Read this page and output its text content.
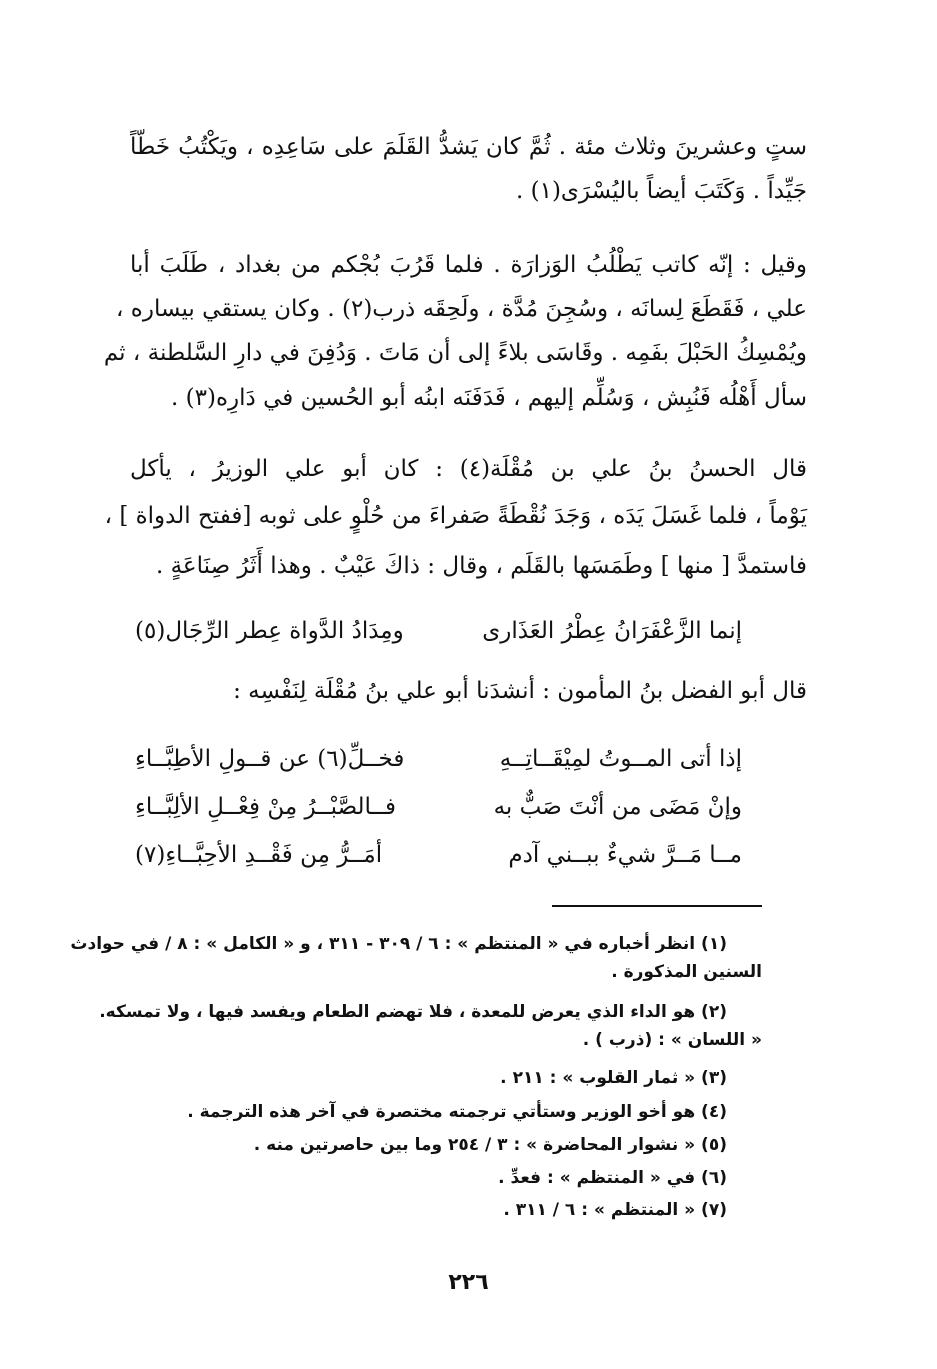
ستٍ وعشرينَ وثلاث مئة . ثُمَّ كان يَشدُّ القَلَمَ على سَاعِدِه ، ويَكْتُبُ خَطّاً
جَيِّداً . وَكَتَبَ أيضاً باليُسْرَى(١) .
وقيل : إنّه كاتب يَطْلُبُ الوَزارَة . فلما قَرُبَ بُجْكم من بغداد ، طَلَبَ أبا
علي ، فَقَطَعَ لِسانَه ، وسُجِنَ مُدَّة ، ولَحِقَه ذرب(٢) . وكان يستقي بيساره ،
ويُمْسِكُ الحَبْلَ بفَمِه . وقَاسَى بلاءً إلى أن مَاتَ . وَدُفِنَ في دارِ السَّلطنة ، ثم
سأل أَهْلُه فَنُبِش ، وَسُلِّم إليهم ، فَدَفَنَه ابنُه أبو الحُسين في دَارِه(٣) .
قال الحسنُ بنُ علي بن مُقْلَة(٤) : كان أبو علي الوزيرُ ، يأكل
يَوْماً ، فلما غَسَلَ يَدَه ، وَجَدَ نُقْطَةً صَفراءَ من حُلْوٍ على ثوبه [ففتح الدواة ] ،
فاستمدَّ [ منها ] وطَمَسَها بالقَلَم ، وقال : ذاكَ عَيْبٌ . وهذا أَثَرُ صِنَاعَةٍ .
إنما الزَّعْفَرَانُ عِطْرُ العَذَارى
ومِدَادُ الدَّواة عِطر الرِّجَال(٥)
قال أبو الفضل بنُ المأمون : أنشدَنا أبو علي بنُ مُقْلَة لِنَفْسِه :
إذا أتى المــوتُ لمِيْقَــاتِــهِ
فخــلِّ(٦) عن قــولِ الأطِبَّــاءِ
وإنْ مَضَى من أنْتَ صَبٌّ به
فــالصَّبْــرُ مِنْ فِعْــلِ الألِبَّــاءِ
مــا مَــرَّ شيءٌ ببــني آدم
أمَــرُّ مِن فَقْــدِ الأحِبَّــاءِ(٧)
(١) انظر أخباره في « المنتظم » : ٦ / ٣٠٩ - ٣١١ ، و « الكامل » : ٨ / في حوادث
السنين المذكورة .
(٢) هو الداء الذي يعرض للمعدة ، فلا تهضم الطعام ويفسد فيها ، ولا تمسكه.
« اللسان » : (ذرب ) .
(٣) « ثمار القلوب » : ٢١١ .
(٤) هو أخو الوزير وستأتي ترجمته مختصرة في آخر هذه الترجمة .
(٥) « نشوار المحاضرة » : ٣ / ٢٥٤ وما بين حاصرتين منه .
(٦) في « المنتظم » : فعدِّ .
(٧) « المنتظم » : ٦ / ٣١١ .
٢٢٦
